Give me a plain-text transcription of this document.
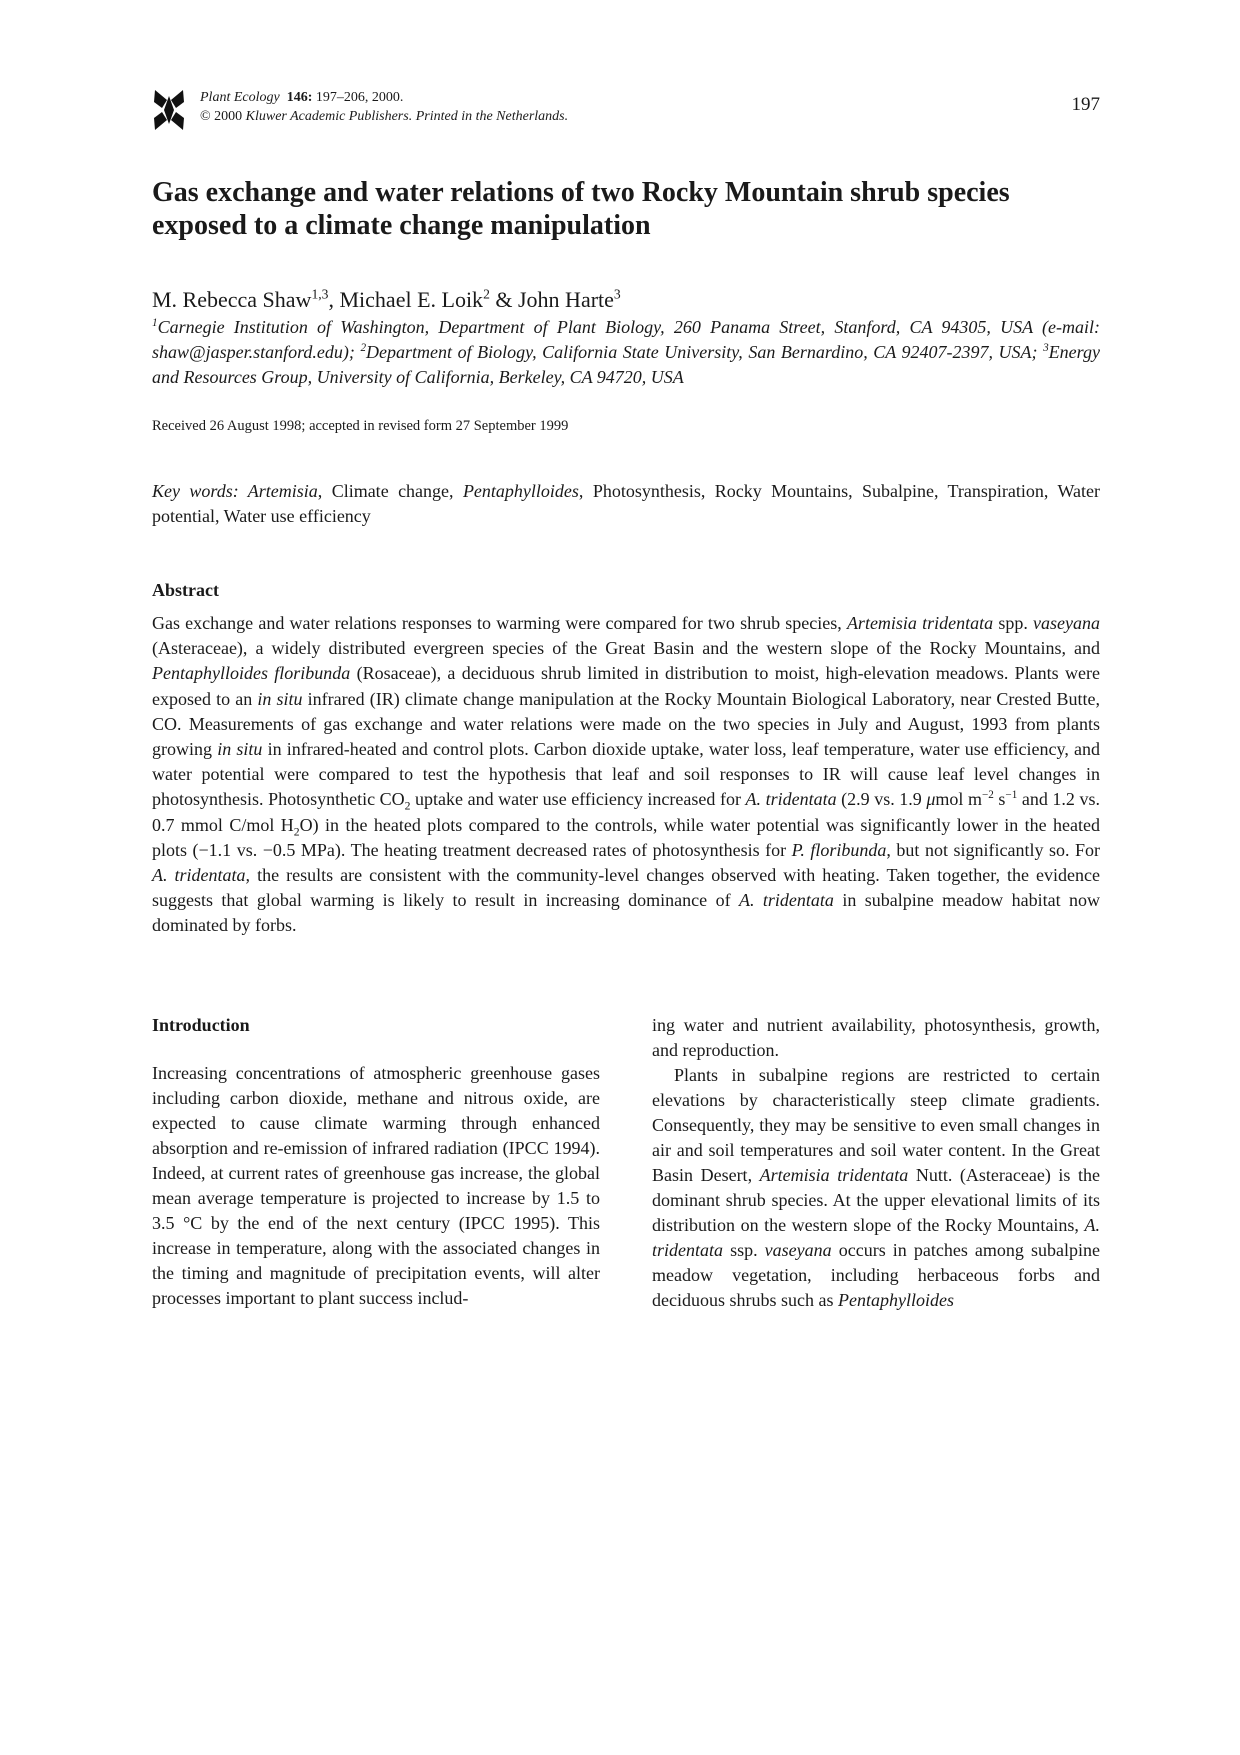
Plant Ecology 146: 197–206, 2000.
© 2000 Kluwer Academic Publishers. Printed in the Netherlands.
197
Gas exchange and water relations of two Rocky Mountain shrub species
exposed to a climate change manipulation
M. Rebecca Shaw$^{1,3}$, Michael E. Loik$^2$ & John Harte$^3$
$^1$Carnegie Institution of Washington, Department of Plant Biology, 260 Panama Street, Stanford, CA 94305, USA (e-mail: shaw@jasper.stanford.edu); $^2$Department of Biology, California State University, San Bernardino, CA 92407-2397, USA; $^3$Energy and Resources Group, University of California, Berkeley, CA 94720, USA
Received 26 August 1998; accepted in revised form 27 September 1999
Key words: Artemisia, Climate change, Pentaphylloides, Photosynthesis, Rocky Mountains, Subalpine, Transpiration, Water potential, Water use efficiency
Abstract
Gas exchange and water relations responses to warming were compared for two shrub species, Artemisia tridentata spp. vaseyana (Asteraceae), a widely distributed evergreen species of the Great Basin and the western slope of the Rocky Mountains, and Pentaphylloides floribunda (Rosaceae), a deciduous shrub limited in distribution to moist, high-elevation meadows. Plants were exposed to an in situ infrared (IR) climate change manipulation at the Rocky Mountain Biological Laboratory, near Crested Butte, CO. Measurements of gas exchange and water relations were made on the two species in July and August, 1993 from plants growing in situ in infrared-heated and control plots. Carbon dioxide uptake, water loss, leaf temperature, water use efficiency, and water potential were compared to test the hypothesis that leaf and soil responses to IR will cause leaf level changes in photosynthesis. Photosynthetic $CO_2$ uptake and water use efficiency increased for A. tridentata (2.9 vs. 1.9 μmol $m^{-2}$ $s^{-1}$ and 1.2 vs. 0.7 mmol C/mol $H_2O$) in the heated plots compared to the controls, while water potential was significantly lower in the heated plots (−1.1 vs. −0.5 MPa). The heating treatment decreased rates of photosynthesis for P. floribunda, but not significantly so. For A. tridentata, the results are consistent with the community-level changes observed with heating. Taken together, the evidence suggests that global warming is likely to result in increasing dominance of A. tridentata in subalpine meadow habitat now dominated by forbs.
Introduction

Increasing concentrations of atmospheric greenhouse gases including carbon dioxide, methane and nitrous oxide, are expected to cause climate warming through enhanced absorption and re-emission of infrared radiation (IPCC 1994). Indeed, at current rates of greenhouse gas increase, the global mean average temperature is projected to increase by 1.5 to 3.5 °C by the end of the next century (IPCC 1995). This increase in temperature, along with the associated changes in the timing and magnitude of precipitation events, will alter processes important to plant success includ-

ing water and nutrient availability, photosynthesis, growth, and reproduction.

Plants in subalpine regions are restricted to certain elevations by characteristically steep climate gradients. Consequently, they may be sensitive to even small changes in air and soil temperatures and soil water content. In the Great Basin Desert, Artemisia tridentata Nutt. (Asteraceae) is the dominant shrub species. At the upper elevational limits of its distribution on the western slope of the Rocky Mountains, A. tridentata ssp. vaseyana occurs in patches among subalpine meadow vegetation, including herbaceous forbs and deciduous shrubs such as Pentaphylloides
